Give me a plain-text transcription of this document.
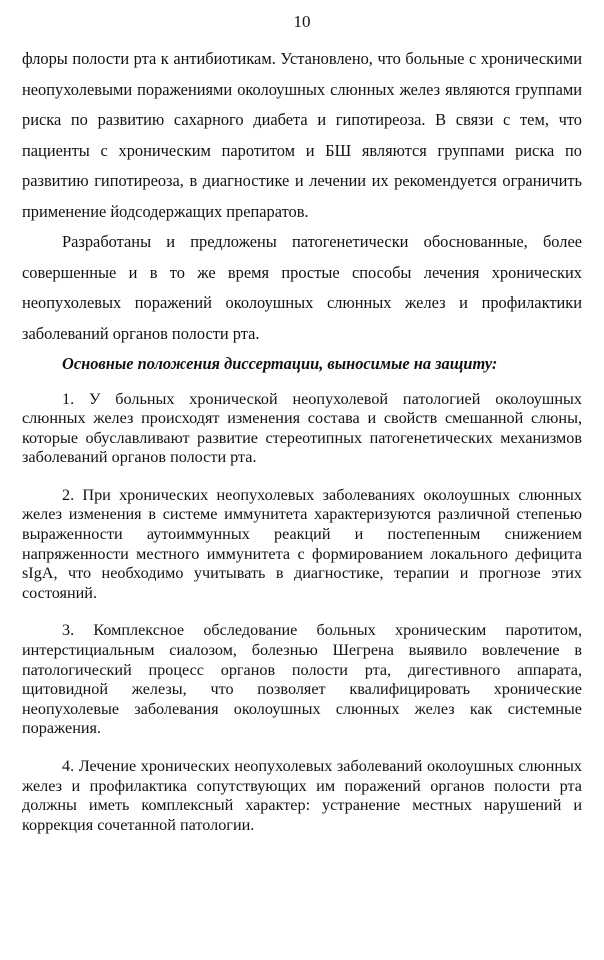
10

флоры полости рта к антибиотикам. Установлено, что больные с хроническими неопухолевыми поражениями околоушных слюнных желез являются группами риска по развитию сахарного диабета и гипотиреоза. В связи с тем, что пациенты с хроническим паротитом и БШ являются группами риска по развитию гипотиреоза, в диагностике и лечении их рекомендуется ограничить применение йодсодержащих препаратов.

Разработаны и предложены патогенетически обоснованные, более совершенные и в то же время простые способы лечения хронических неопухолевых поражений околоушных слюнных желез и профилактики заболеваний органов полости рта.

Основные положения диссертации, выносимые на защиту:

1. У больных хронической неопухолевой патологией околоушных слюнных желез происходят изменения состава и свойств смешанной слюны, которые обуславливают развитие стереотипных патогенетических механизмов заболеваний органов полости рта.

2. При хронических неопухолевых заболеваниях околоушных слюнных желез изменения в системе иммунитета характеризуются различной степенью выраженности аутоиммунных реакций и постепенным снижением напряженности местного иммунитета с формированием локального дефицита sIgA, что необходимо учитывать в диагностике, терапии и прогнозе этих состояний.

3. Комплексное обследование больных хроническим паротитом, интерстициальным сиалозом, болезнью Шегрена выявило вовлечение в патологический процесс органов полости рта, дигестивного аппарата, щитовидной железы, что позволяет квалифицировать хронические неопухолевые заболевания околоушных слюнных желез как системные поражения.

4. Лечение хронических неопухолевых заболеваний околоушных слюнных желез и профилактика сопутствующих им поражений органов полости рта должны иметь комплексный характер: устранение местных нарушений и коррекция сочетанной патологии.
